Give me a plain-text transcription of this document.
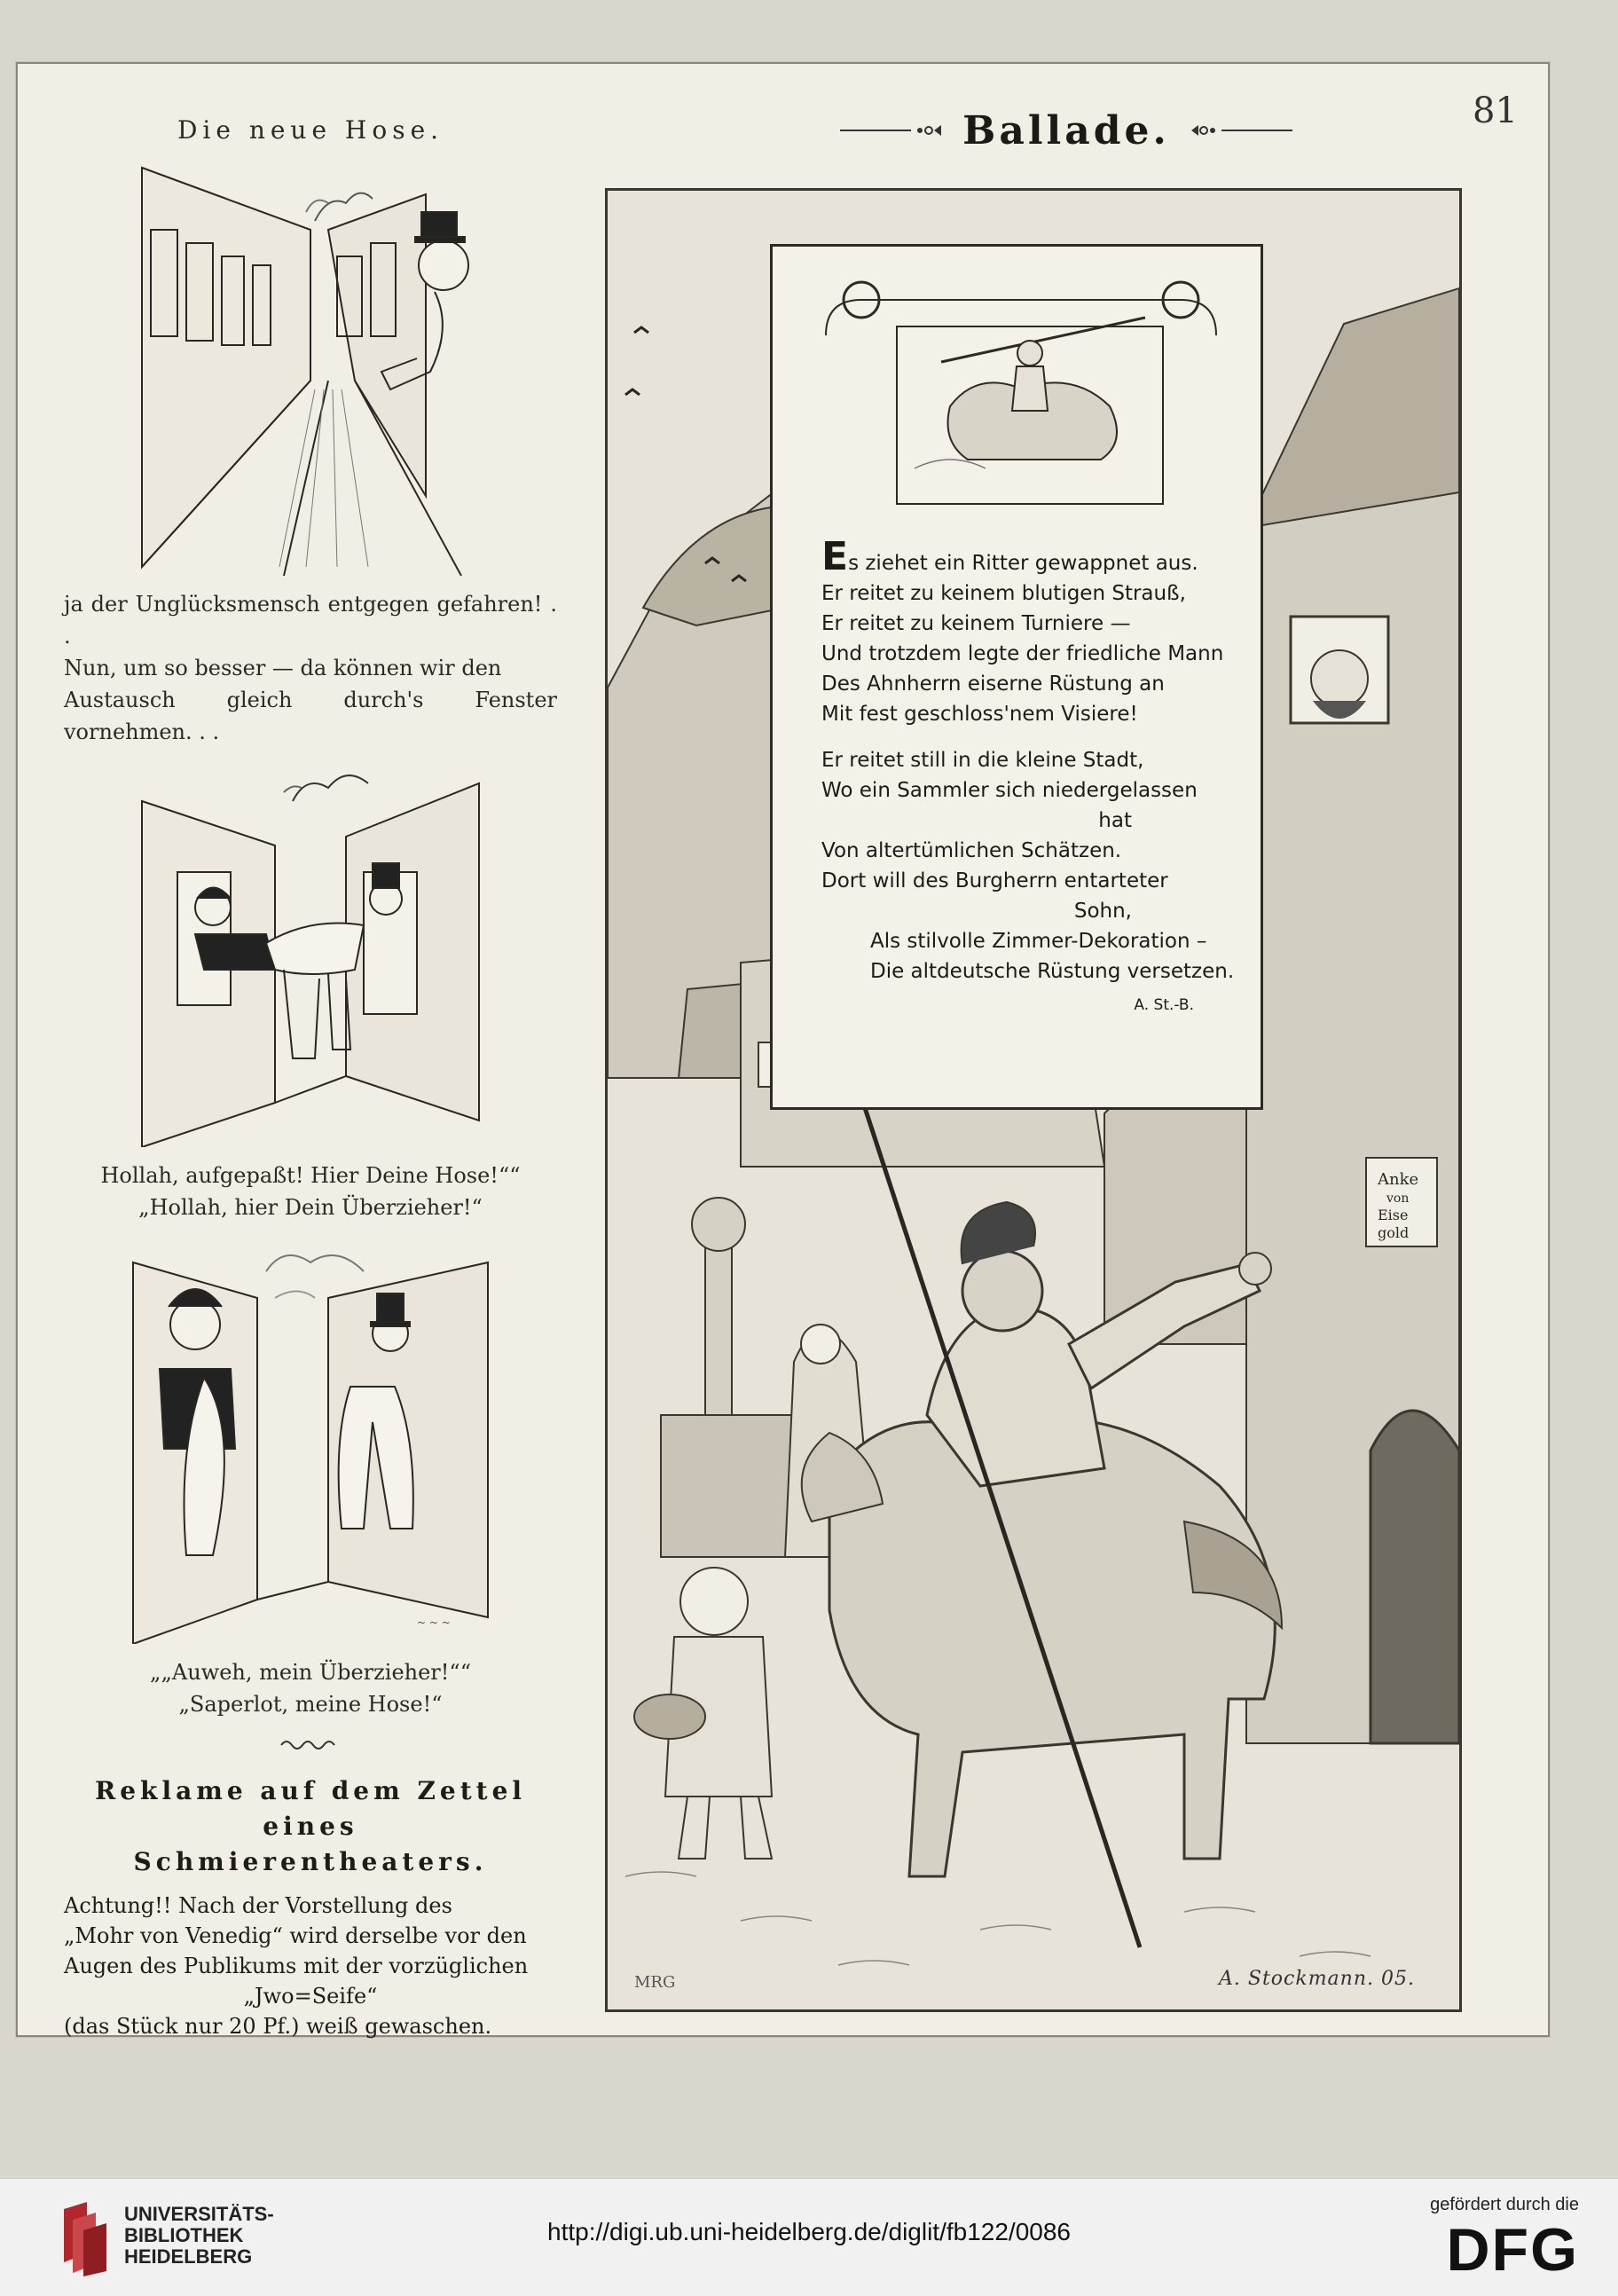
81
Die neue Hose.
ja der Unglücksmensch entgegen gefahren! . .
Nun, um so besser — da können wir den
Austausch gleich durch's Fenster vornehmen. . .
Hollah, aufgepaßt! Hier Deine Hose!““
„Hollah, hier Dein Überzieher!“
~ ~ ~
„„Auweh, mein Überzieher!““
„Saperlot, meine Hose!“
Reklame auf dem Zettel eines
Schmierentheaters.
Achtung!! Nach der Vorstellung des
„Mohr von Venedig“ wird derselbe vor den
Augen des Publikums mit der vorzüglichen
„Jwo=Seife“
(das Stück nur 20 Pf.) weiß gewaschen.
Ballade.
Anke
von
Eise
gold
Es ziehet ein Ritter gewappnet aus.
Er reitet zu keinem blutigen Strauß,
Er reitet zu keinem Turniere —
Und trotzdem legte der friedliche Mann
Des Ahnherrn eiserne Rüstung an
Mit fest geschloss'nem Visiere!
Er reitet still in die kleine Stadt,
Wo ein Sammler sich niedergelassen
hat
Von altertümlichen Schätzen.
Dort will des Burgherrn entarteter
Sohn,
Als stilvolle Zimmer-Dekoration –
Die altdeutsche Rüstung versetzen.
A. St.-B.
MRG	A. Stockmann. 05.
UNIVERSITÄTS-
BIBLIOTHEK
HEIDELBERG
http://digi.ub.uni-heidelberg.de/diglit/fb122/0086
gefördert durch die
DFG
